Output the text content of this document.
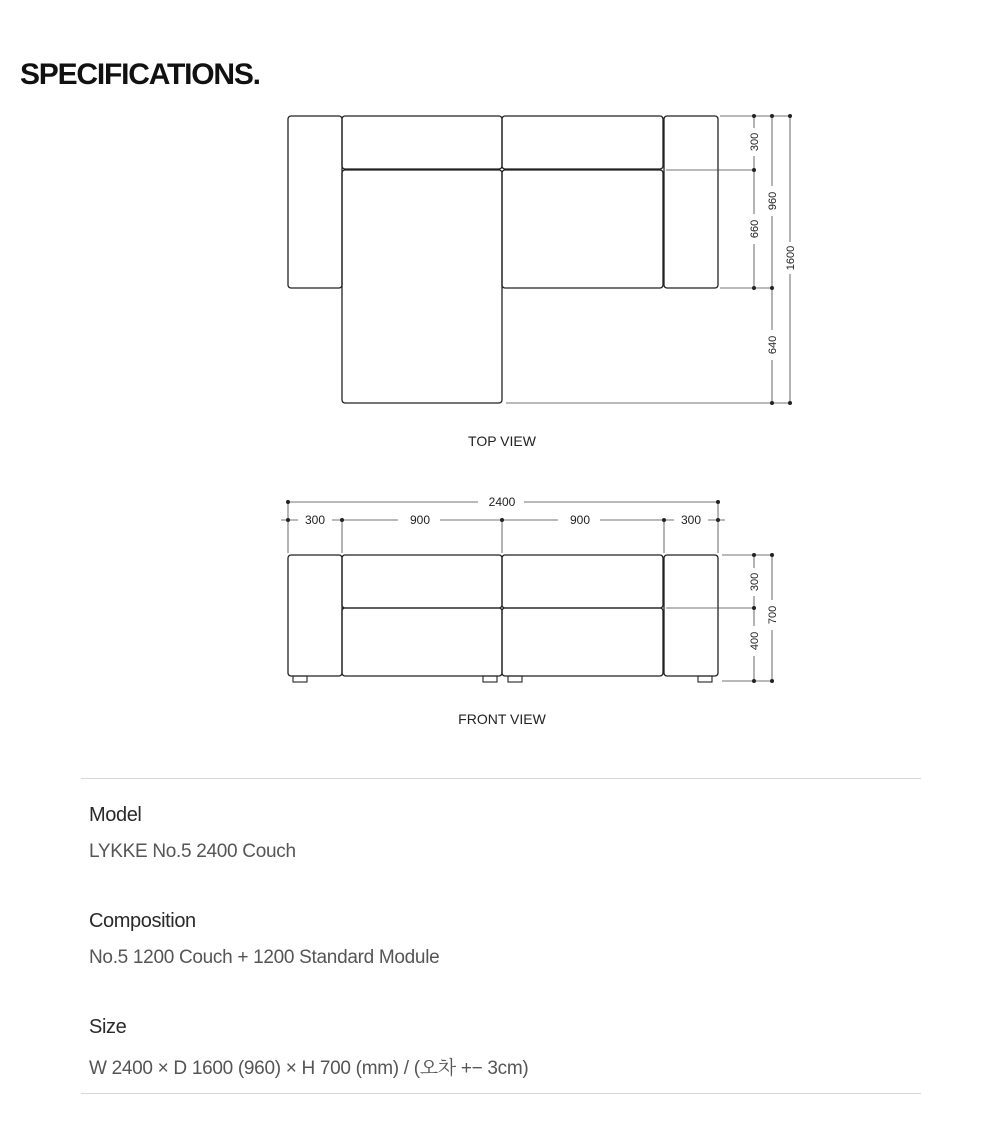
SPECIFICATIONS.
300
660
960
640
1600
TOP VIEW
2400
300	900	900	300
300
400
700
FRONT VIEW
Model
LYKKE No.5 2400 Couch
Composition
No.5 1200 Couch + 1200 Standard Module
Size
W 2400 × D 1600 (960) × H 700 (mm) / (오차 +− 3cm)
